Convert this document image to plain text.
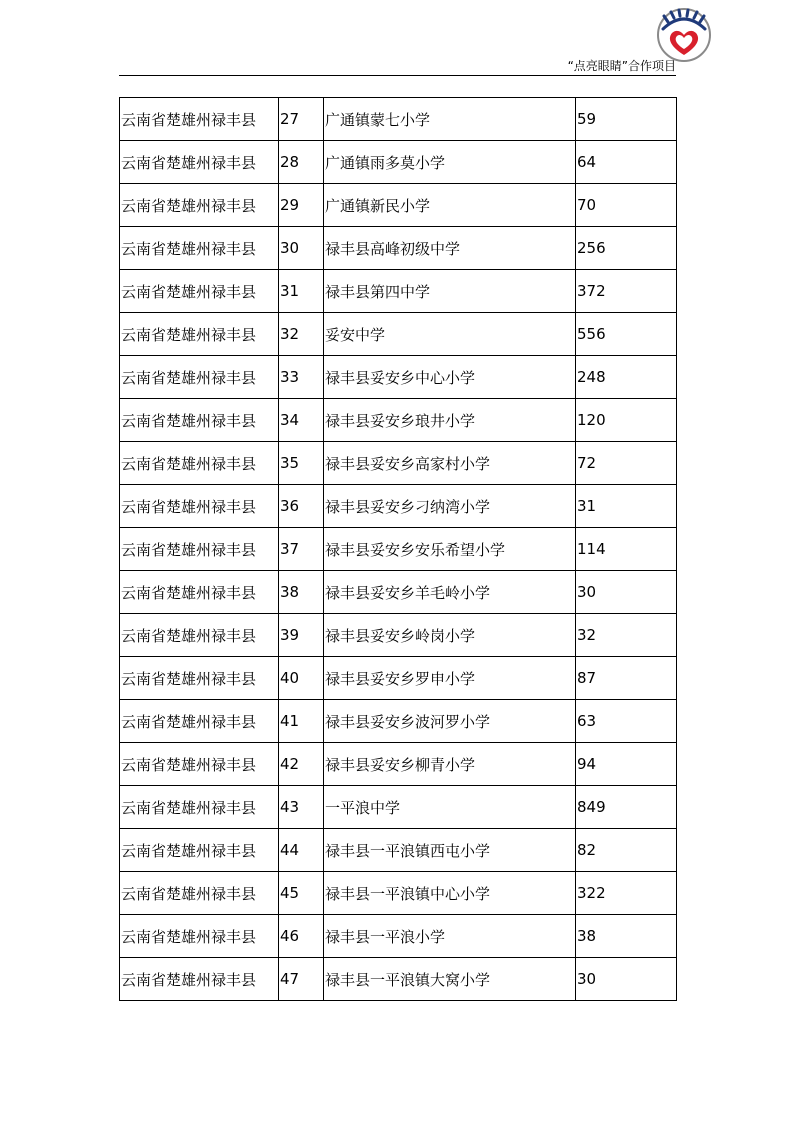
“点亮眼睛”合作项目
云南省楚雄州禄丰县	27	广通镇蒙七小学	59
云南省楚雄州禄丰县	28	广通镇雨多莫小学	64
云南省楚雄州禄丰县	29	广通镇新民小学	70
云南省楚雄州禄丰县	30	禄丰县高峰初级中学	256
云南省楚雄州禄丰县	31	禄丰县第四中学	372
云南省楚雄州禄丰县	32	妥安中学	556
云南省楚雄州禄丰县	33	禄丰县妥安乡中心小学	248
云南省楚雄州禄丰县	34	禄丰县妥安乡琅井小学	120
云南省楚雄州禄丰县	35	禄丰县妥安乡高家村小学	72
云南省楚雄州禄丰县	36	禄丰县妥安乡刁纳湾小学	31
云南省楚雄州禄丰县	37	禄丰县妥安乡安乐希望小学	114
云南省楚雄州禄丰县	38	禄丰县妥安乡羊毛岭小学	30
云南省楚雄州禄丰县	39	禄丰县妥安乡岭岗小学	32
云南省楚雄州禄丰县	40	禄丰县妥安乡罗申小学	87
云南省楚雄州禄丰县	41	禄丰县妥安乡波河罗小学	63
云南省楚雄州禄丰县	42	禄丰县妥安乡柳青小学	94
云南省楚雄州禄丰县	43	一平浪中学	849
云南省楚雄州禄丰县	44	禄丰县一平浪镇西屯小学	82
云南省楚雄州禄丰县	45	禄丰县一平浪镇中心小学	322
云南省楚雄州禄丰县	46	禄丰县一平浪小学	38
云南省楚雄州禄丰县	47	禄丰县一平浪镇大窝小学	30
